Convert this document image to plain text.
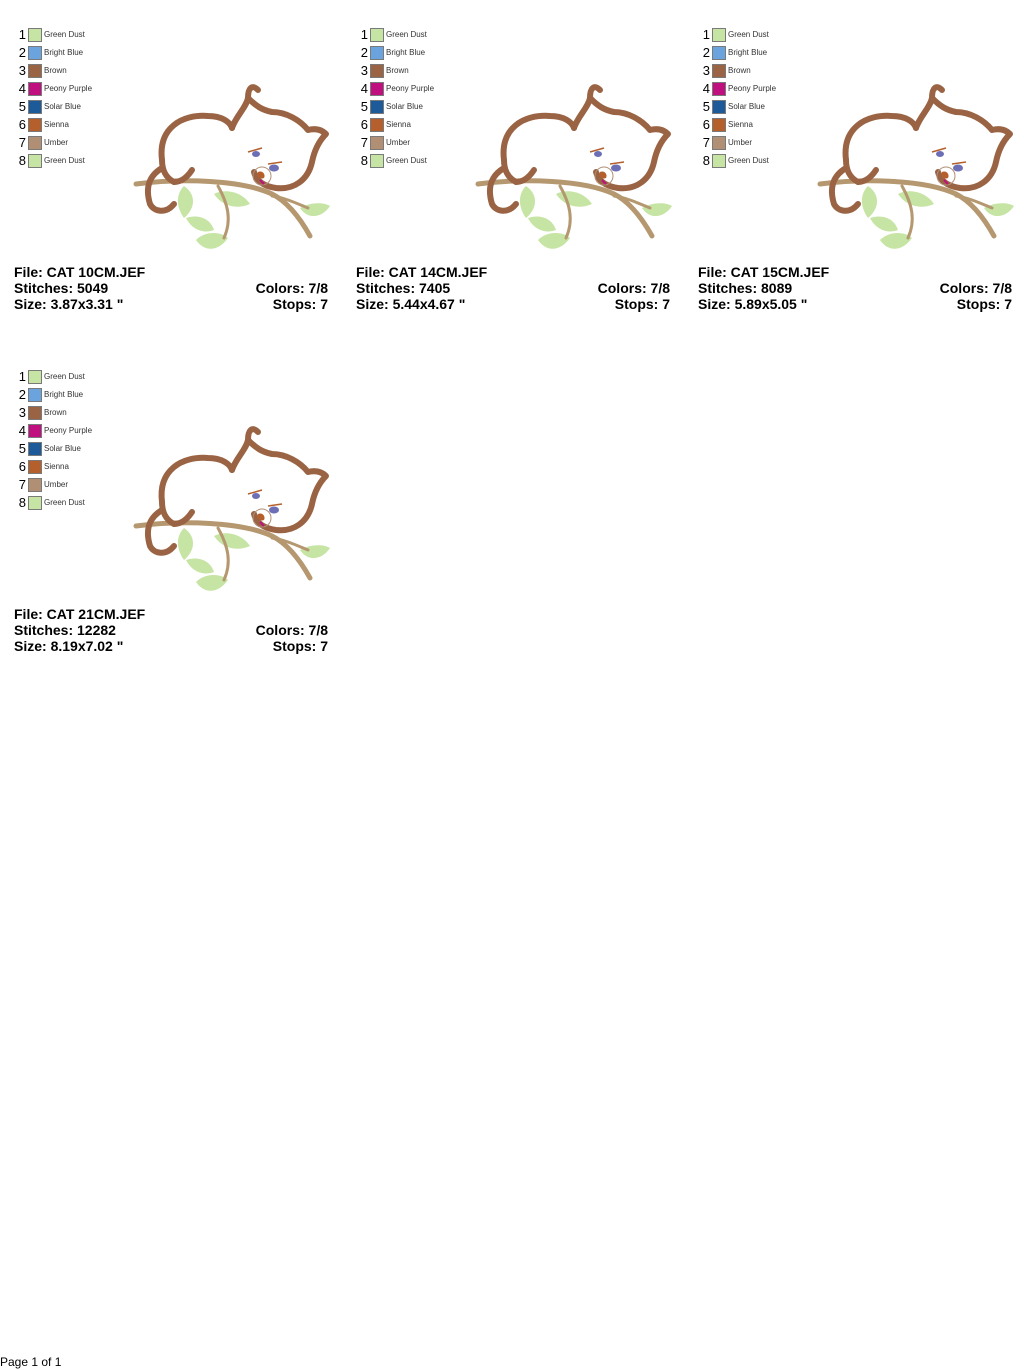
1 Green Dust
2 Bright Blue
3 Brown
4 Peony Purple
5 Solar Blue
6 Sienna
7 Umber
8 Green Dust
File: CAT 10CM.JEF
Stitches: 5049	Colors: 7/8
Size: 3.87x3.31 "	Stops: 7
1 Green Dust
2 Bright Blue
3 Brown
4 Peony Purple
5 Solar Blue
6 Sienna
7 Umber
8 Green Dust
File: CAT 14CM.JEF
Stitches: 7405	Colors: 7/8
Size: 5.44x4.67 "	Stops: 7
1 Green Dust
2 Bright Blue
3 Brown
4 Peony Purple
5 Solar Blue
6 Sienna
7 Umber
8 Green Dust
File: CAT 15CM.JEF
Stitches: 8089	Colors: 7/8
Size: 5.89x5.05 "	Stops: 7
1 Green Dust
2 Bright Blue
3 Brown
4 Peony Purple
5 Solar Blue
6 Sienna
7 Umber
8 Green Dust
File: CAT 21CM.JEF
Stitches: 12282	Colors: 7/8
Size: 8.19x7.02 "	Stops: 7
Page 1 of 1
